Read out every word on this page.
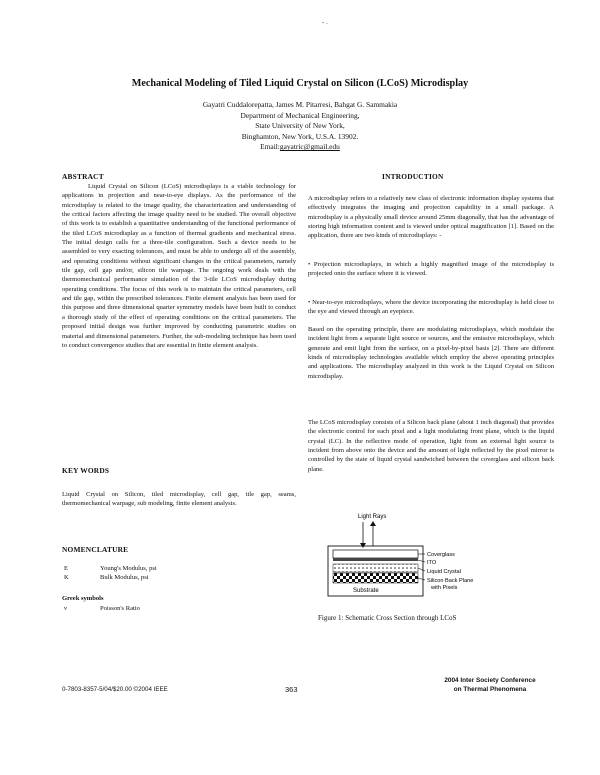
- .
Mechanical Modeling of Tiled Liquid Crystal on Silicon (LCoS) Microdisplay
Gayatri Cuddalorepatta, James M. Pitarresi, Bahgat G. Sammakia
Department of Mechanical Engineering,
State University of New York,
Binghamton, New York, U.S.A. 13902.
Email:gayatric@gmail.edu
ABSTRACT
Liquid Crystal on Silicon (LCoS) microdisplays is a viable technology for applications in projection and near-to-eye displays. As the performance of the microdisplay is related to the image quality, the characterization and understanding of the critical factors affecting the image quality need to be studied. The overall objective of this work is to establish a quantitative understanding of the functional performance of the tiled LCoS microdisplay as a function of thermal gradients and mechanical stress. The initial design calls for a three-tile configuration. Such a device needs to be assembled to very exacting tolerances, and must be able to undergo all of the assembly, and operating conditions without significant changes in the critical parameters, namely tile gap, cell gap and/or, silicon tile warpage. The ongoing work deals with the thermomechanical performance simulation of the 3-tile LCoS microdisplay during operating conditions. The focus of this work is to maintain the critical parameters, cell and tile gap, within the prescribed tolerances. Finite element analysis has been used for this purpose and three dimensional quarter symmetry models have been built to conduct a thorough study of the effect of operating conditions on the critical parameters. The proposed initial design was further improved by conducting parametric studies on material and dimensional parameters. Further, the sub-modeling technique has been used to conduct convergence studies that are essential in finite element analysis.
KEY WORDS
Liquid Crystal on Silicon, tiled microdisplay, cell gap, tile gap, seams, thermomechanical warpage, sub modeling, finite element analysis.
NOMENCLATURE
E	Young's Modulus, psi
K	Bulk Modulus, psi
Greek symbols
ν	Poisson's Ratio
INTRODUCTION
A microdisplay refers to a relatively new class of electronic information display systems that effectively integrates the imaging and projection capability in a small package. A microdisplay is a physically small device around 25mm diagonally, that has the advantage of storing high information content and is viewed under optical magnification [1]. Based on the application, there are two kinds of microdisplays: -
• Projection microdisplays, in which a highly magnified image of the microdisplay is projected onto the surface where it is viewed.
• Near-to-eye microdisplays, where the device incorporating the microdisplay is held close to the eye and viewed through an eyepiece.
Based on the operating principle, there are modulating microdisplays, which modulate the incident light from a separate light source or sources, and the emissive microdisplays, which generate and emit light from the surface, on a pixel-by-pixel basis [2]. There are different kinds of microdisplay technologies available which employ the above operating principles and applications. The microdisplay analyzed in this work is the Liquid Crystal on Silicon microdisplay.
The LCoS microdisplay consists of a Silicon back plane (about 1 inch diagonal) that provides the electronic control for each pixel and a light modulating front plane, which is the liquid crystal (LC). In the reflective mode of operation, light from an external light source is incident from above onto the device and the amount of light reflected by the pixel mirror is controlled by the state of liquid crystal sandwiched between the coverglass and silicon back plane.
Light Rays
Substrate
Coverglass
ITO
Liquid Crystal
Silicon Back Plane
with Pixels
Figure 1: Schematic Cross Section through LCoS
0-7803-8357-5/04/$20.00 ©2004 IEEE	363
2004 Inter Society Conference
on Thermal Phenomena
